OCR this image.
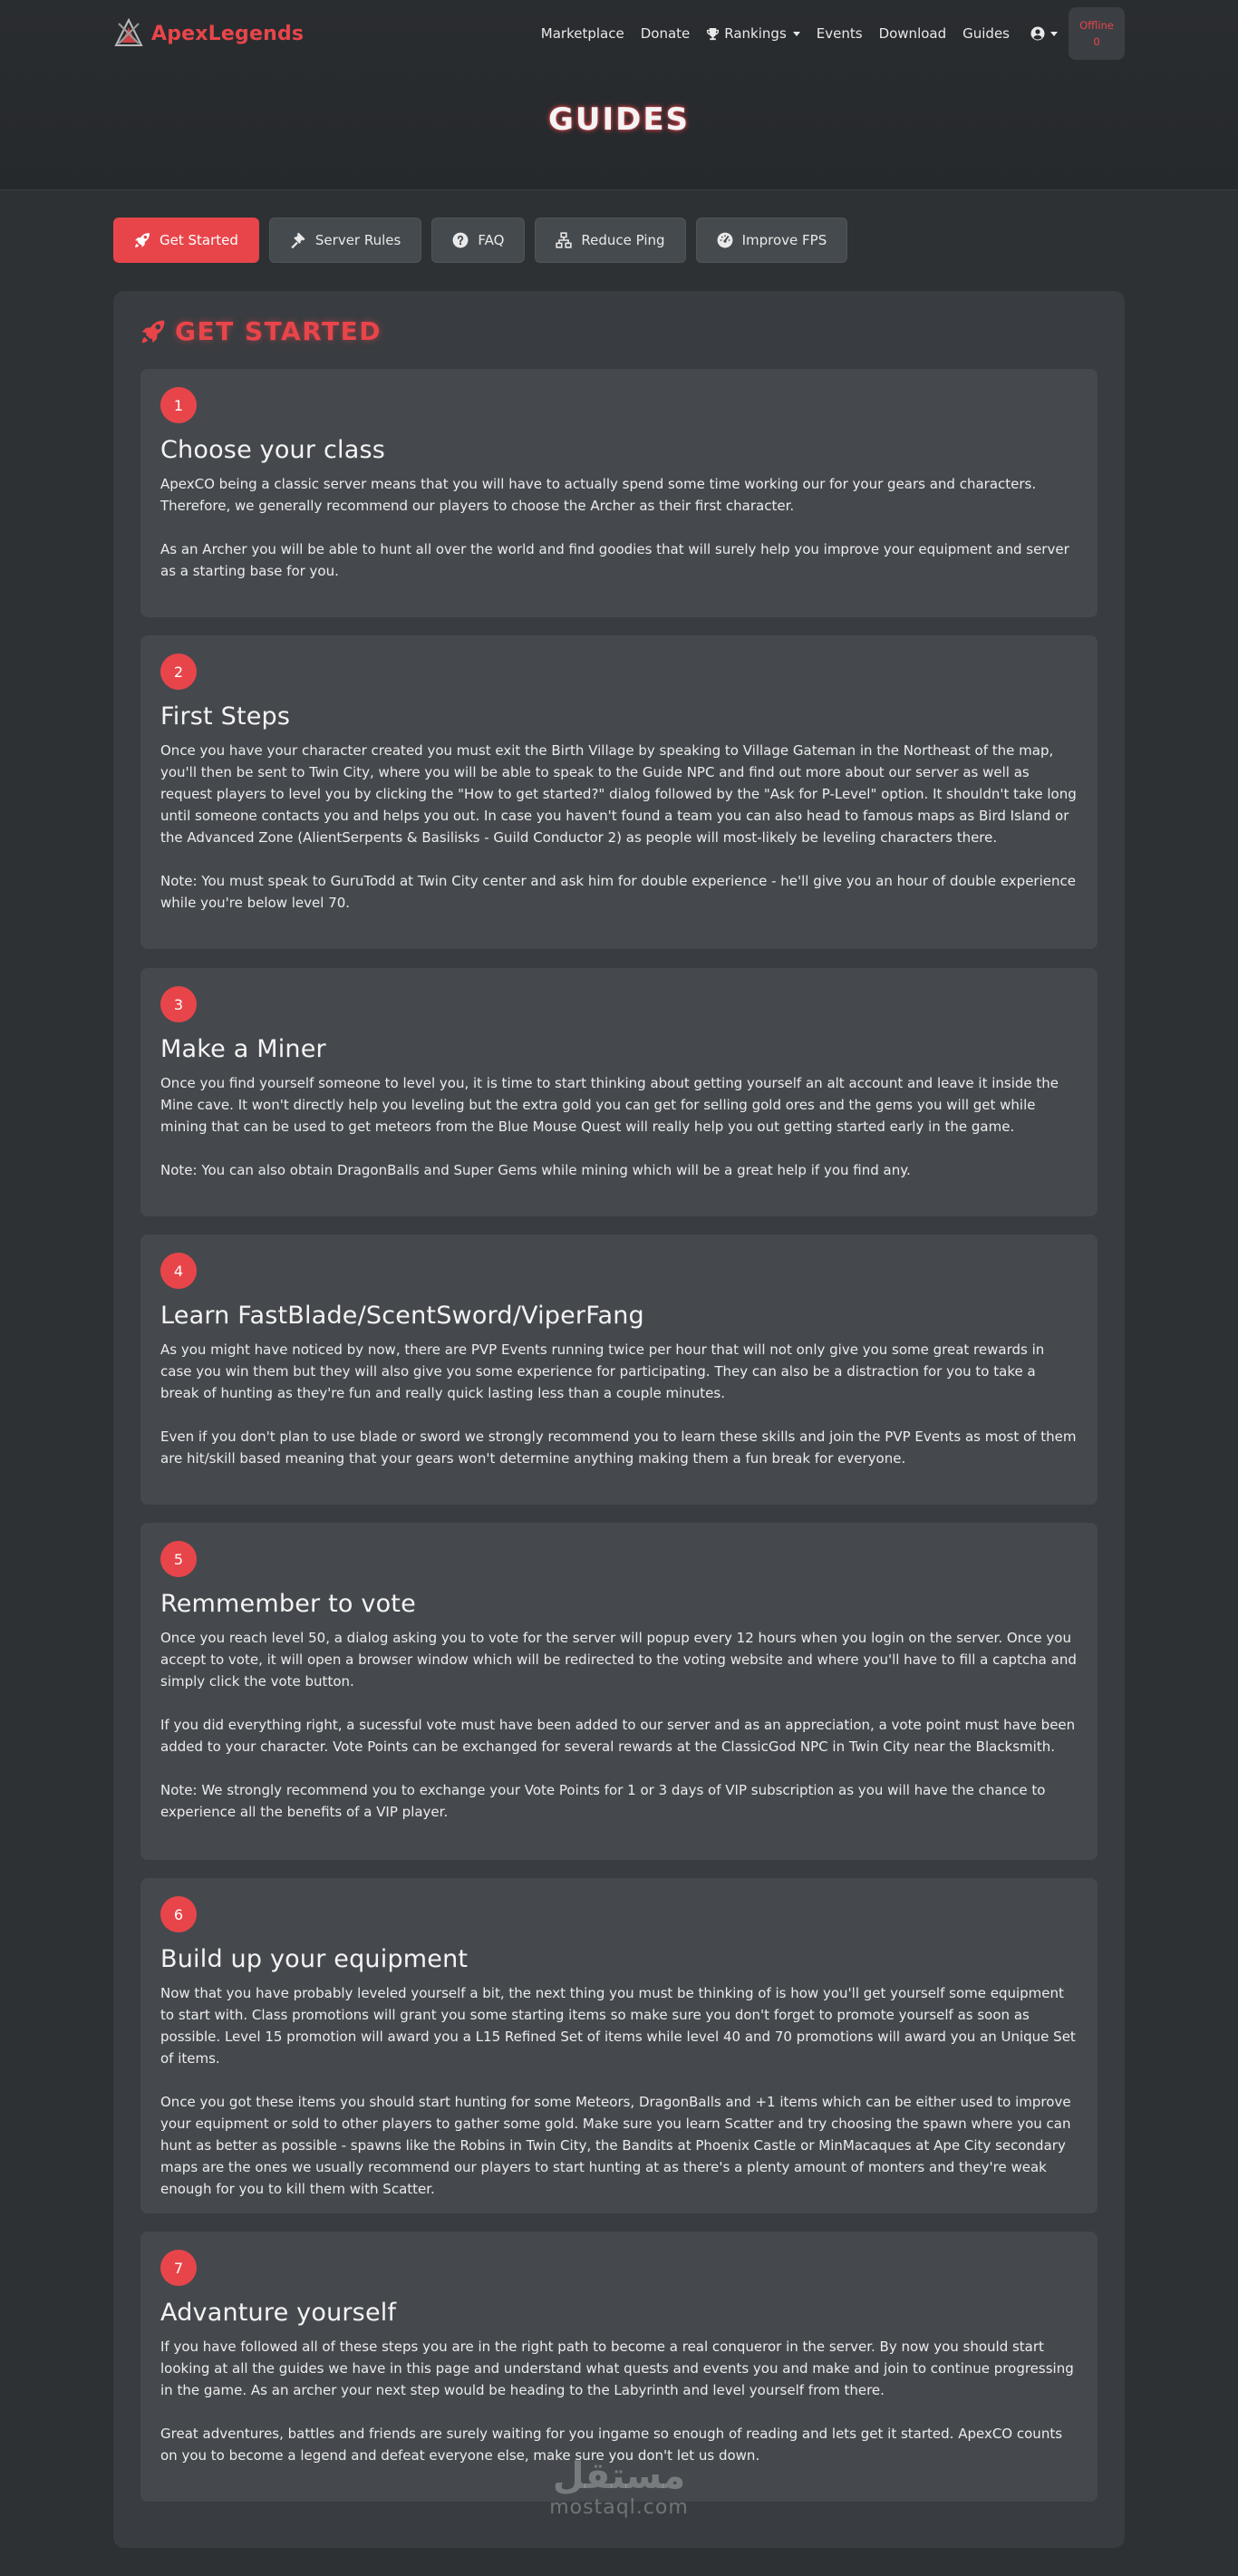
ApexLegends	Marketplace	Donate	Rankings	Events	Download	Guides	Offline
0
GUIDES
Get Started	Server Rules	FAQ	Reduce Ping	Improve FPS
GET STARTED
1
Choose your class

ApexCO being a classic server means that you will have to actually spend some time working our for your gears and characters. Therefore, we generally recommend our players to choose the Archer as their first character.

As an Archer you will be able to hunt all over the world and find goodies that will surely help you improve your equipment and server as a starting base for you.

2
First Steps

Once you have your character created you must exit the Birth Village by speaking to Village Gateman in the Northeast of the map, you'll then be sent to Twin City, where you will be able to speak to the Guide NPC and find out more about our server as well as request players to level you by clicking the "How to get started?" dialog followed by the "Ask for P-Level" option. It shouldn't take long until someone contacts you and helps you out. In case you haven't found a team you can also head to famous maps as Bird Island or the Advanced Zone (AlientSerpents & Basilisks - Guild Conductor 2) as people will most-likely be leveling characters there.

Note: You must speak to GuruTodd at Twin City center and ask him for double experience - he'll give you an hour of double experience while you're below level 70.

3
Make a Miner

Once you find yourself someone to level you, it is time to start thinking about getting yourself an alt account and leave it inside the Mine cave. It won't directly help you leveling but the extra gold you can get for selling gold ores and the gems you will get while mining that can be used to get meteors from the Blue Mouse Quest will really help you out getting started early in the game.

Note: You can also obtain DragonBalls and Super Gems while mining which will be a great help if you find any.

4
Learn FastBlade/ScentSword/ViperFang

As you might have noticed by now, there are PVP Events running twice per hour that will not only give you some great rewards in case you win them but they will also give you some experience for participating. They can also be a distraction for you to take a break of hunting as they're fun and really quick lasting less than a couple minutes.

Even if you don't plan to use blade or sword we strongly recommend you to learn these skills and join the PVP Events as most of them are hit/skill based meaning that your gears won't determine anything making them a fun break for everyone.

5
Remmember to vote

Once you reach level 50, a dialog asking you to vote for the server will popup every 12 hours when you login on the server. Once you accept to vote, it will open a browser window which will be redirected to the voting website and where you'll have to fill a captcha and simply click the vote button.

If you did everything right, a sucessful vote must have been added to our server and as an appreciation, a vote point must have been added to your character. Vote Points can be exchanged for several rewards at the ClassicGod NPC in Twin City near the Blacksmith.

Note: We strongly recommend you to exchange your Vote Points for 1 or 3 days of VIP subscription as you will have the chance to experience all the benefits of a VIP player.

6
Build up your equipment

Now that you have probably leveled yourself a bit, the next thing you must be thinking of is how you'll get yourself some equipment to start with. Class promotions will grant you some starting items so make sure you don't forget to promote yourself as soon as possible. Level 15 promotion will award you a L15 Refined Set of items while level 40 and 70 promotions will award you an Unique Set of items.

Once you got these items you should start hunting for some Meteors, DragonBalls and +1 items which can be either used to improve your equipment or sold to other players to gather some gold. Make sure you learn Scatter and try choosing the spawn where you can hunt as better as possible - spawns like the Robins in Twin City, the Bandits at Phoenix Castle or MinMacaques at Ape City secondary maps are the ones we usually recommend our players to start hunting at as there's a plenty amount of monters and they're weak enough for you to kill them with Scatter.

7
Advanture yourself

If you have followed all of these steps you are in the right path to become a real conqueror in the server. By now you should start looking at all the guides we have in this page and understand what quests and events you and make and join to continue progressing in the game. As an archer your next step would be heading to the Labyrinth and level yourself from there.

Great adventures, battles and friends are surely waiting for you ingame so enough of reading and lets get it started. ApexCO counts on you to become a legend and defeat everyone else, make sure you don't let us down.

مستقل
mostaql.com
